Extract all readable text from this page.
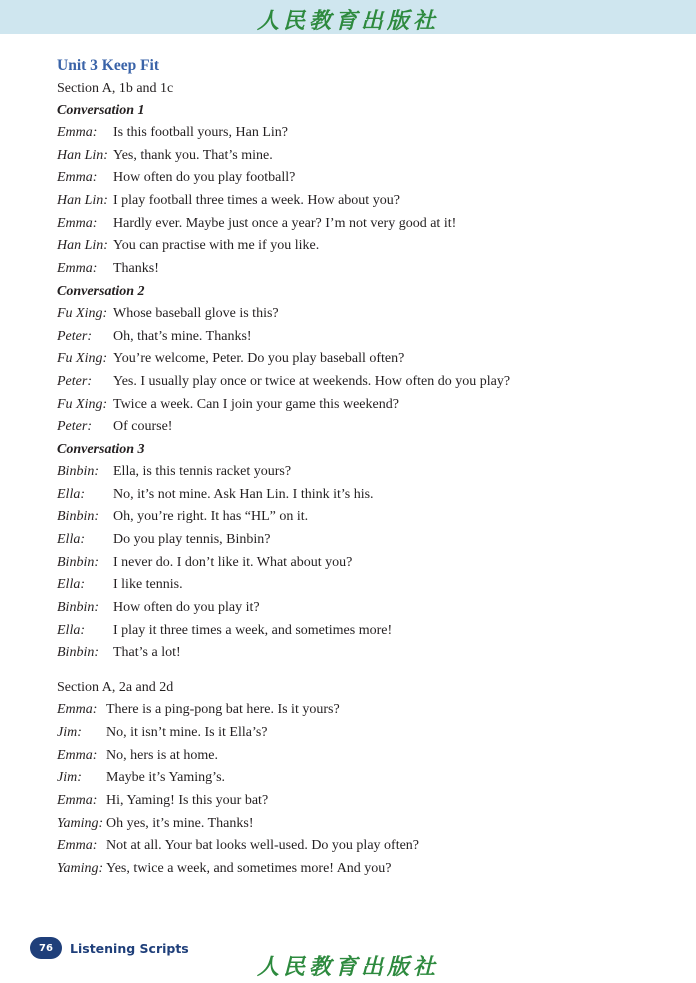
人民教育出版社
Unit 3 Keep Fit
Section A, 1b and 1c
Conversation 1
Emma:	Is this football yours, Han Lin?
Han Lin: Yes, thank you. That’s mine.
Emma:	How often do you play football?
Han Lin: I play football three times a week. How about you?
Emma:	Hardly ever. Maybe just once a year? I’m not very good at it!
Han Lin: You can practise with me if you like.
Emma:	Thanks!
Conversation 2
Fu Xing: Whose baseball glove is this?
Peter:	Oh, that’s mine. Thanks!
Fu Xing: You’re welcome, Peter. Do you play baseball often?
Peter:	Yes. I usually play once or twice at weekends. How often do you play?
Fu Xing: Twice a week. Can I join your game this weekend?
Peter:	Of course!
Conversation 3
Binbin:	Ella, is this tennis racket yours?
Ella:	No, it’s not mine. Ask Han Lin. I think it’s his.
Binbin:	Oh, you’re right. It has “HL” on it.
Ella:	Do you play tennis, Binbin?
Binbin:	I never do. I don’t like it. What about you?
Ella:	I like tennis.
Binbin:	How often do you play it?
Ella:	I play it three times a week, and sometimes more!
Binbin:	That’s a lot!
Section A, 2a and 2d
Emma: There is a ping-pong bat here. Is it yours?
Jim:	No, it isn’t mine. Is it Ella’s?
Emma: No, hers is at home.
Jim:	Maybe it’s Yaming’s.
Emma: Hi, Yaming! Is this your bat?
Yaming: Oh yes, it’s mine. Thanks!
Emma: Not at all. Your bat looks well-used. Do you play often?
Yaming: Yes, twice a week, and sometimes more! And you?
人民教育出版社
76	Listening Scripts
